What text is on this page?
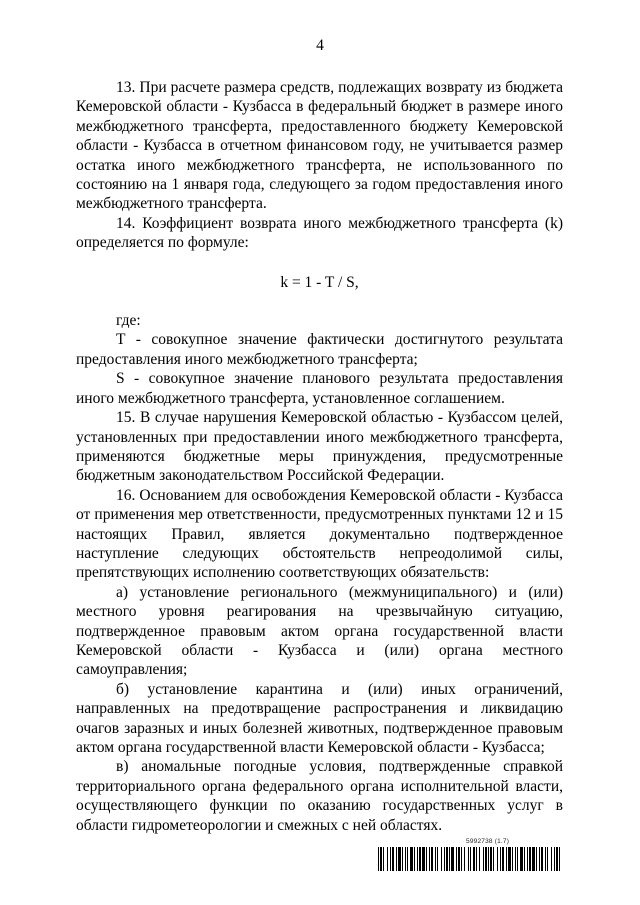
4

13. При расчете размера средств, подлежащих возврату из бюджета Кемеровской области - Кузбасса в федеральный бюджет в размере иного межбюджетного трансферта, предоставленного бюджету Кемеровской области - Кузбасса в отчетном финансовом году, не учитывается размер остатка иного межбюджетного трансферта, не использованного по состоянию на 1 января года, следующего за годом предоставления иного межбюджетного трансферта.

14. Коэффициент возврата иного межбюджетного трансферта (k) определяется по формуле:

k = 1 - T / S,

где:

T - совокупное значение фактически достигнутого результата предоставления иного межбюджетного трансферта;

S - совокупное значение планового результата предоставления иного межбюджетного трансферта, установленное соглашением.

15. В случае нарушения Кемеровской областью - Кузбассом целей, установленных при предоставлении иного межбюджетного трансферта, применяются бюджетные меры принуждения, предусмотренные бюджетным законодательством Российской Федерации.

16. Основанием для освобождения Кемеровской области - Кузбасса от применения мер ответственности, предусмотренных пунктами 12 и 15 настоящих Правил, является документально подтвержденное наступление следующих обстоятельств непреодолимой силы, препятствующих исполнению соответствующих обязательств:

а) установление регионального (межмуниципального) и (или) местного уровня реагирования на чрезвычайную ситуацию, подтвержденное правовым актом органа государственной власти Кемеровской области - Кузбасса и (или) органа местного самоуправления;

б) установление карантина и (или) иных ограничений, направленных на предотвращение распространения и ликвидацию очагов заразных и иных болезней животных, подтвержденное правовым актом органа государственной власти Кемеровской области - Кузбасса;

в) аномальные погодные условия, подтвержденные справкой территориального органа федерального органа исполнительной власти, осуществляющего функции по оказанию государственных услуг в области гидрометеорологии и смежных с ней областях.

5992738 (1.7)
